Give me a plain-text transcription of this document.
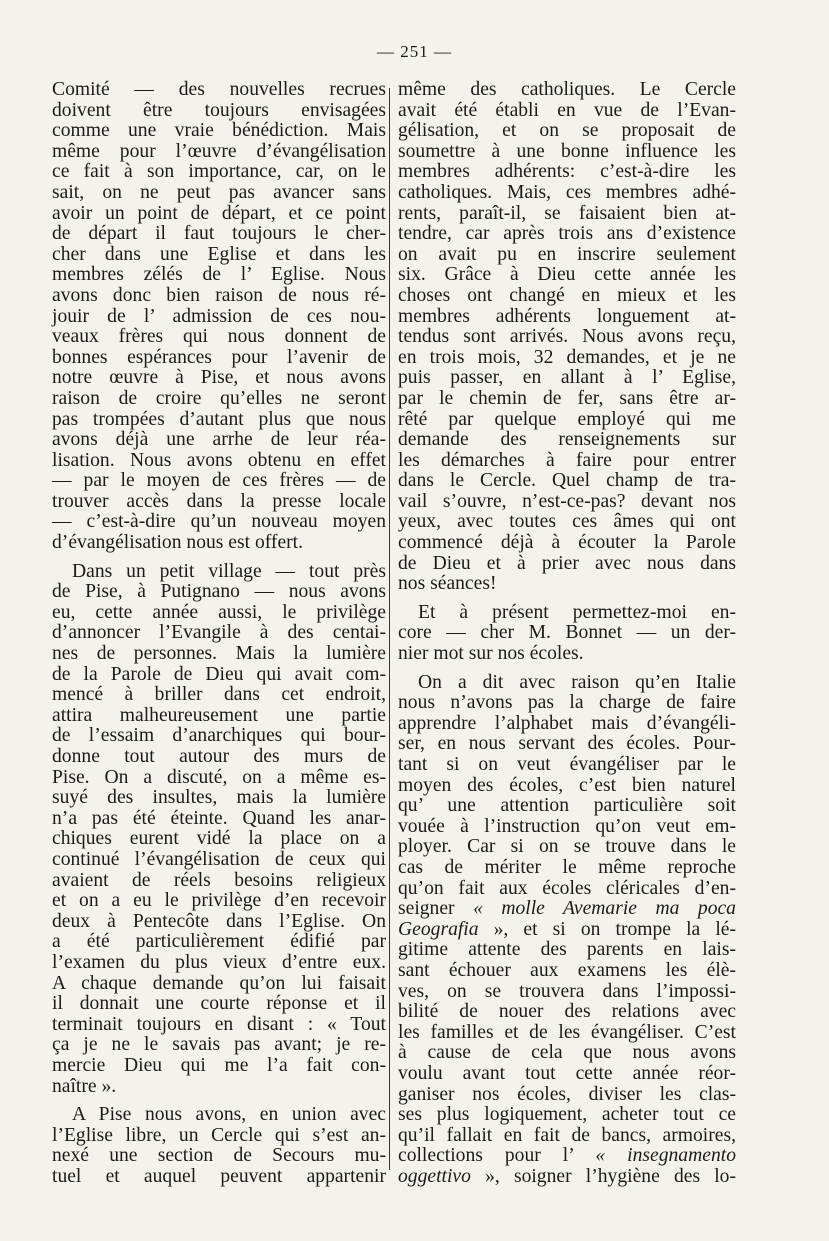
— 251 —
Comité — des nouvelles recrues
doivent être toujours envisagées
comme une vraie bénédiction. Mais
même pour l’œuvre d’évangélisation
ce fait à son importance, car, on le
sait, on ne peut pas avancer sans
avoir un point de départ, et ce point
de départ il faut toujours le cher-
cher dans une Eglise et dans les
membres zélés de l’ Eglise. Nous
avons donc bien raison de nous ré-
jouir de l’ admission de ces nou-
veaux frères qui nous donnent de
bonnes espérances pour l’avenir de
notre œuvre à Pise, et nous avons
raison de croire qu’elles ne seront
pas trompées d’autant plus que nous
avons déjà une arrhe de leur réa-
lisation. Nous avons obtenu en effet
— par le moyen de ces frères — de
trouver accès dans la presse locale
— c’est-à-dire qu’un nouveau moyen
d’évangélisation nous est offert.
Dans un petit village — tout près
de Pise, à Putignano — nous avons
eu, cette année aussi, le privilège
d’annoncer l’Evangile à des centai-
nes de personnes. Mais la lumière
de la Parole de Dieu qui avait com-
mencé à briller dans cet endroit,
attira malheureusement une partie
de l’essaim d’anarchiques qui bour-
donne tout autour des murs de
Pise. On a discuté, on a même es-
suyé des insultes, mais la lumière
n’a pas été éteinte. Quand les anar-
chiques eurent vidé la place on a
continué l’évangélisation de ceux qui
avaient de réels besoins religieux
et on a eu le privilège d’en recevoir
deux à Pentecôte dans l’Eglise. On
a été particulièrement édifié par
l’examen du plus vieux d’entre eux.
A chaque demande qu’on lui faisait
il donnait une courte réponse et il
terminait toujours en disant : « Tout
ça je ne le savais pas avant; je re-
mercie Dieu qui me l’a fait con-
naître ».
A Pise nous avons, en union avec
l’Eglise libre, un Cercle qui s’est an-
nexé une section de Secours mu-
tuel et auquel peuvent appartenir
même des catholiques. Le Cercle
avait été établi en vue de l’Evan-
gélisation, et on se proposait de
soumettre à une bonne influence les
membres adhérents: c’est-à-dire les
catholiques. Mais, ces membres adhé-
rents, paraît-il, se faisaient bien at-
tendre, car après trois ans d’existence
on avait pu en inscrire seulement
six. Grâce à Dieu cette année les
choses ont changé en mieux et les
membres adhérents longuement at-
tendus sont arrivés. Nous avons reçu,
en trois mois, 32 demandes, et je ne
puis passer, en allant à l’ Eglise,
par le chemin de fer, sans être ar-
rêté par quelque employé qui me
demande des renseignements sur
les démarches à faire pour entrer
dans le Cercle. Quel champ de tra-
vail s’ouvre, n’est-ce-pas? devant nos
yeux, avec toutes ces âmes qui ont
commencé déjà à écouter la Parole
de Dieu et à prier avec nous dans
nos séances!
Et à présent permettez-moi en-
core — cher M. Bonnet — un der-
nier mot sur nos écoles.
On a dit avec raison qu’en Italie
nous n’avons pas la charge de faire
apprendre l’alphabet mais d’évangéli-
ser, en nous servant des écoles. Pour-
tant si on veut évangéliser par le
moyen des écoles, c’est bien naturel
qu’ une attention particulière soit
vouée à l’instruction qu’on veut em-
ployer. Car si on se trouve dans le
cas de mériter le même reproche
qu’on fait aux écoles cléricales d’en-
seigner « molle Avemarie ma poca
Geografia », et si on trompe la lé-
gitime attente des parents en lais-
sant échouer aux examens les élè-
ves, on se trouvera dans l’impossi-
bilité de nouer des relations avec
les familles et de les évangéliser. C’est
à cause de cela que nous avons
voulu avant tout cette année réor-
ganiser nos écoles, diviser les clas-
ses plus logiquement, acheter tout ce
qu’il fallait en fait de bancs, armoires,
collections pour l’ « insegnamento
oggettivo », soigner l’hygiène des lo-
